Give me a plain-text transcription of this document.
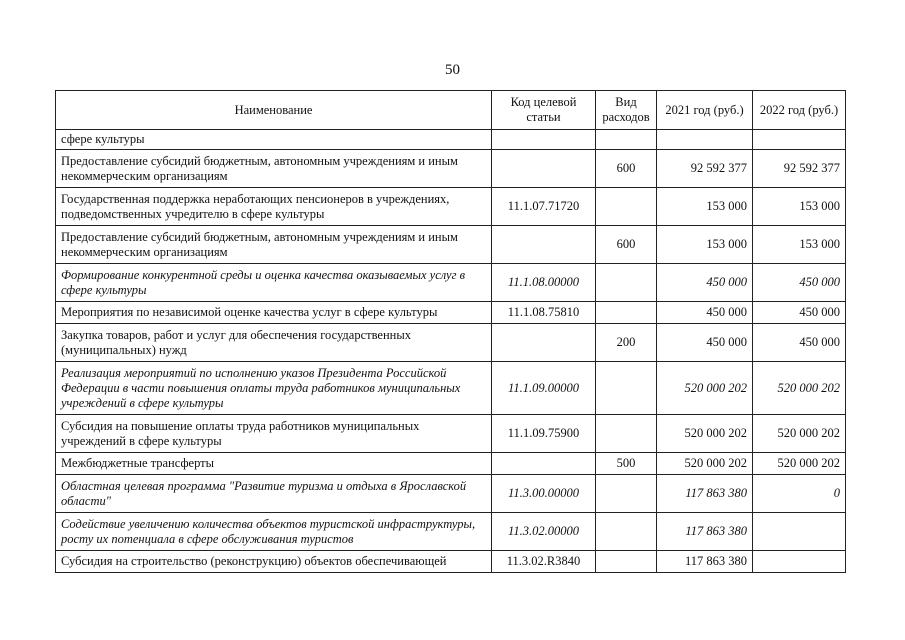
50
Наименование	Код целевой статьи	Вид расходов	2021 год (руб.)	2022 год (руб.)
сфере культуры				
Предоставление субсидий бюджетным, автономным учреждениям и иным некоммерческим организациям		600	92 592 377	92 592 377
Государственная поддержка неработающих пенсионеров в учреждениях, подведомственных учредителю в сфере культуры	11.1.07.71720		153 000	153 000
Предоставление субсидий бюджетным, автономным учреждениям и иным некоммерческим организациям		600	153 000	153 000
Формирование конкурентной среды и оценка качества оказываемых услуг в сфере культуры	11.1.08.00000		450 000	450 000
Мероприятия по независимой оценке качества услуг в сфере культуры	11.1.08.75810		450 000	450 000
Закупка товаров, работ и услуг для обеспечения государственных (муниципальных) нужд		200	450 000	450 000
Реализация мероприятий по исполнению указов Президента Российской Федерации в части повышения оплаты труда работников муниципальных учреждений в сфере культуры	11.1.09.00000		520 000 202	520 000 202
Субсидия на повышение оплаты труда работников муниципальных учреждений в сфере культуры	11.1.09.75900		520 000 202	520 000 202
Межбюджетные трансферты		500	520 000 202	520 000 202
Областная целевая программа "Развитие туризма и отдыха в Ярославской области"	11.3.00.00000		117 863 380	0
Содействие увеличению количества объектов туристской инфраструктуры, росту их потенциала в сфере обслуживания туристов	11.3.02.00000		117 863 380	
Субсидия на строительство (реконструкцию) объектов обеспечивающей	11.3.02.R3840		117 863 380	
